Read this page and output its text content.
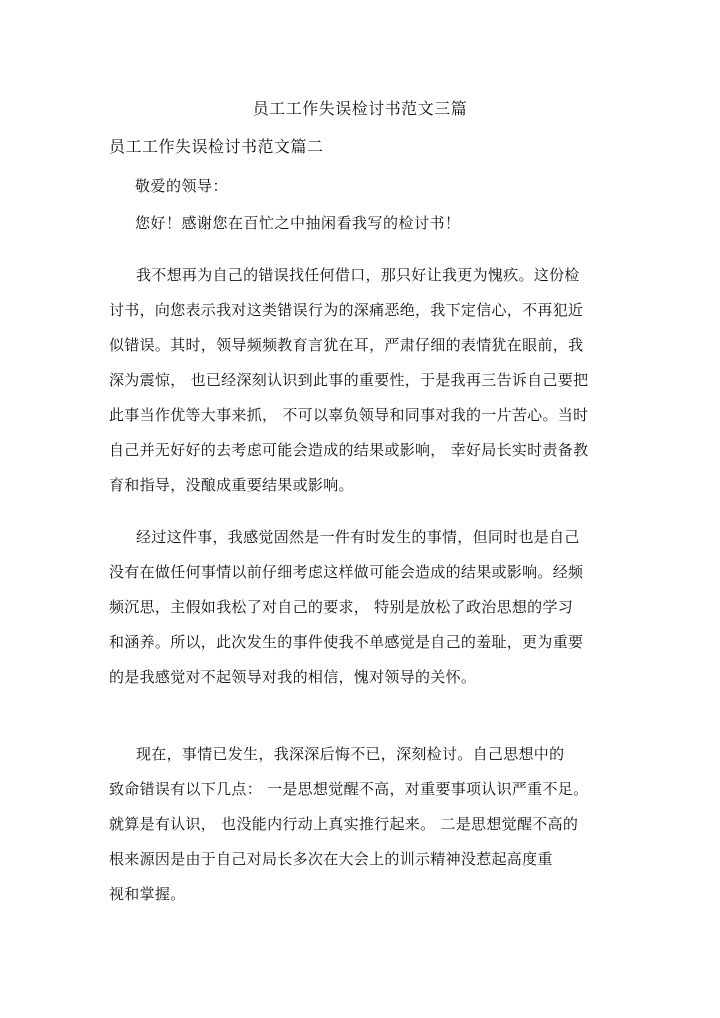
员工工作失误检讨书范文三篇
员工工作失误检讨书范文篇二
敬爱的领导：
您好！感谢您在百忙之中抽闲看我写的检讨书！
我不想再为自己的错误找任何借口，那只好让我更为愧疚。这份检
讨书，向您表示我对这类错误行为的深痛恶绝，我下定信心，不再犯近
似错误。其时，领导频频教育言犹在耳，严肃仔细的表情犹在眼前，我
深为震惊， 也已经深刻认识到此事的重要性，于是我再三告诉自己要把
此事当作优等大事来抓， 不可以辜负领导和同事对我的一片苦心。当时
自己并无好好的去考虑可能会造成的结果或影响， 幸好局长实时责备教
育和指导，没酿成重要结果或影响。
经过这件事，我感觉固然是一件有时发生的事情，但同时也是自己
没有在做任何事情以前仔细考虑这样做可能会造成的结果或影响。经频
频沉思，主假如我松了对自己的要求， 特别是放松了政治思想的学习
和涵养。所以，此次发生的事件使我不单感觉是自己的羞耻，更为重要
的是我感觉对不起领导对我的相信，愧对领导的关怀。
现在，事情已发生，我深深后悔不已，深刻检讨。自己思想中的
致命错误有以下几点： 一是思想觉醒不高，对重要事项认识严重不足。
就算是有认识， 也没能内行动上真实推行起来。 二是思想觉醒不高的
根来源因是由于自己对局长多次在大会上的训示精神没惹起高度重
视和掌握。
